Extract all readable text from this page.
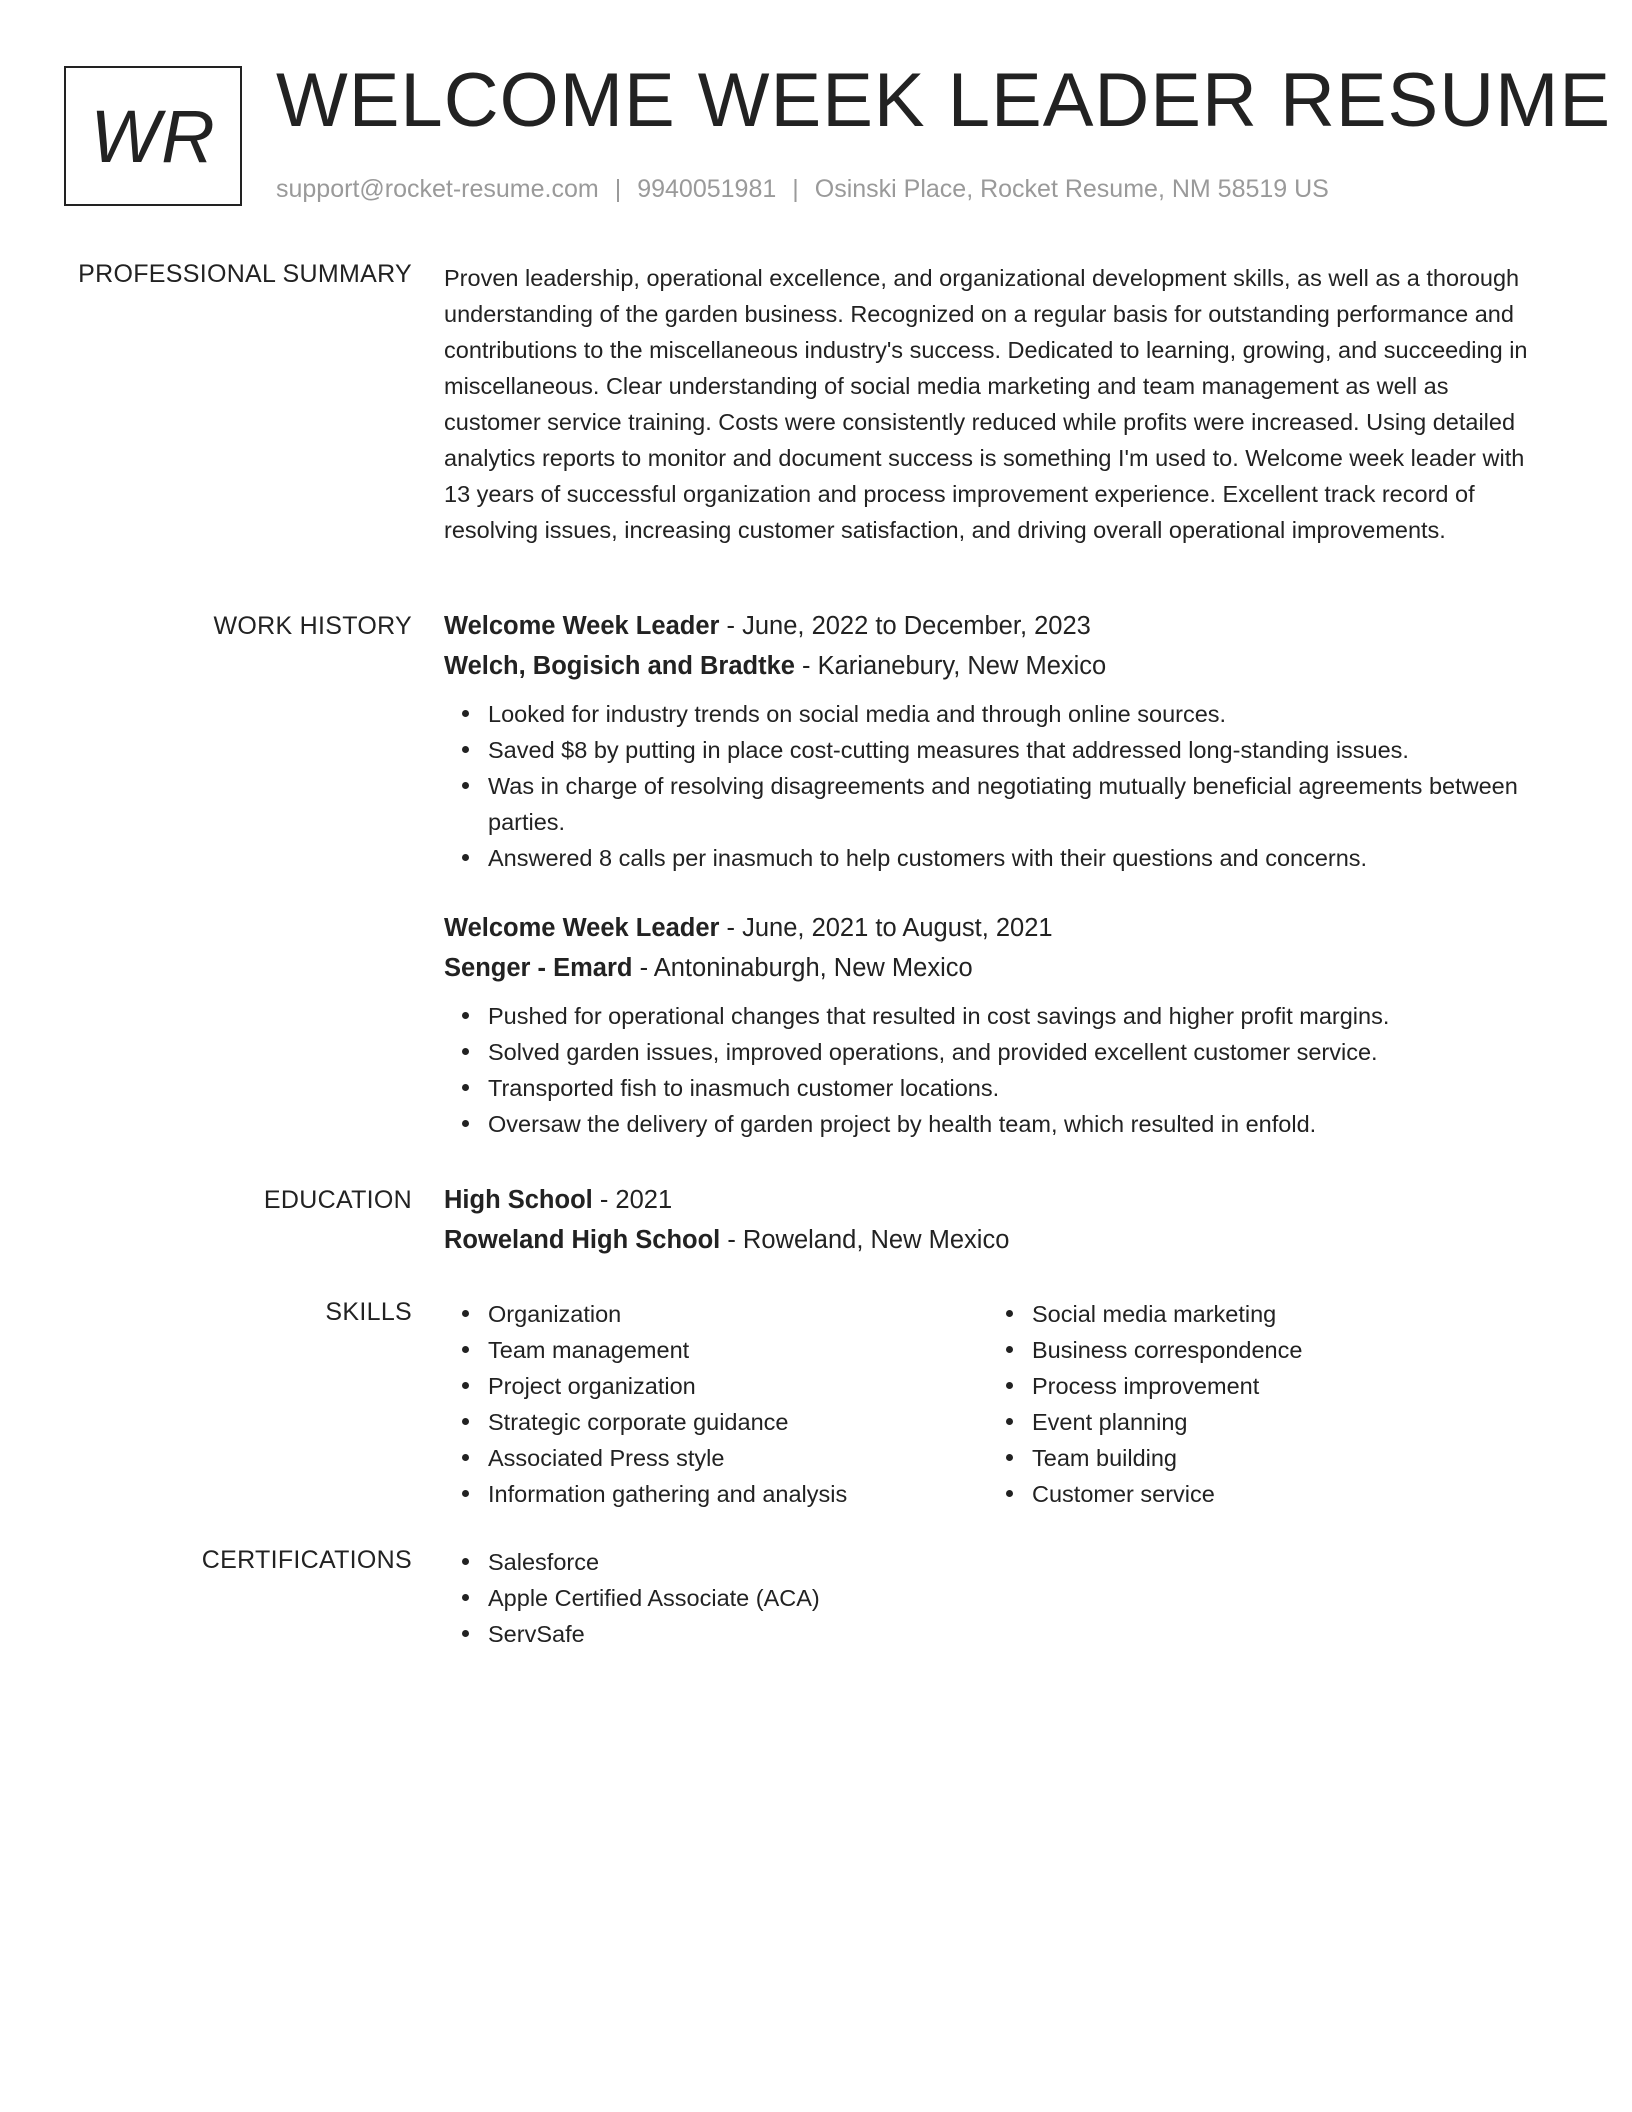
WR WELCOME WEEK LEADER RESUME
support@rocket-resume.com | 9940051981 | Osinski Place, Rocket Resume, NM 58519 US
PROFESSIONAL SUMMARY Proven leadership, operational excellence, and organizational development skills, as well as a thorough understanding of the garden business. Recognized on a regular basis for outstanding performance and contributions to the miscellaneous industry's success. Dedicated to learning, growing, and succeeding in miscellaneous. Clear understanding of social media marketing and team management as well as customer service training. Costs were consistently reduced while profits were increased. Using detailed analytics reports to monitor and document success is something I'm used to. Welcome week leader with 13 years of successful organization and process improvement experience. Excellent track record of resolving issues, increasing customer satisfaction, and driving overall operational improvements.

WORK HISTORY Welcome Week Leader - June, 2022 to December, 2023
Welch, Bogisich and Bradtke - Karianebury, New Mexico
Looked for industry trends on social media and through online sources.
Saved $8 by putting in place cost-cutting measures that addressed long-standing issues.
Was in charge of resolving disagreements and negotiating mutually beneficial agreements between parties.
Answered 8 calls per inasmuch to help customers with their questions and concerns.
Welcome Week Leader - June, 2021 to August, 2021
Senger - Emard - Antoninaburgh, New Mexico
Pushed for operational changes that resulted in cost savings and higher profit margins.
Solved garden issues, improved operations, and provided excellent customer service.
Transported fish to inasmuch customer locations.
Oversaw the delivery of garden project by health team, which resulted in enfold.
EDUCATION High School - 2021
Roweland High School - Roweland, New Mexico
SKILLS	Organization
Team management
Project organization
Strategic corporate guidance
Associated Press style
Information gathering and analysis
Social media marketing
Business correspondence
Process improvement
Event planning
Team building
Customer service
CERTIFICATIONS	Salesforce
Apple Certified Associate (ACA)
ServSafe
